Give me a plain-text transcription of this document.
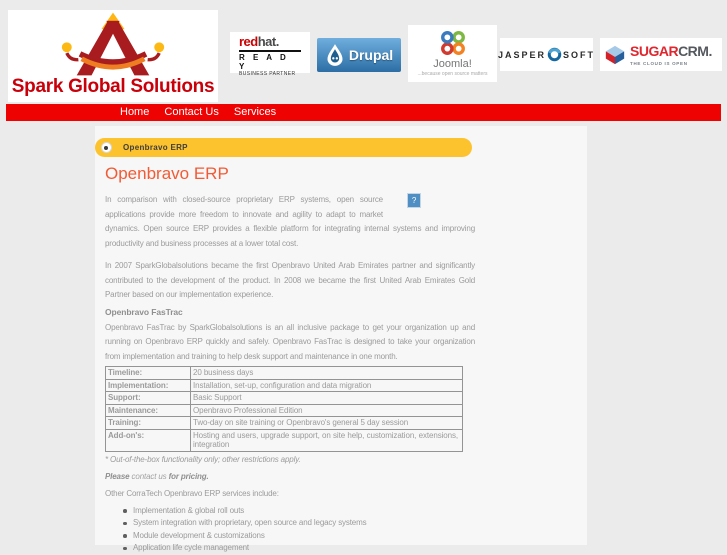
Spark Global Solutions
redhat.
R E A D Y
BUSINESS PARTNER
Drupal
Joomla!
...because open source matters
JASPER SOFT SUGARCRM.
THE CLOUD IS OPEN
Home Contact Us Services
Openbravo ERP
Openbravo ERP

?
In comparison with closed-source proprietary ERP systems, open source applications provide more freedom to innovate and agility to adapt to market dynamics. Open source ERP provides a flexible platform for integrating internal systems and improving productivity and business processes at a lower total cost.

In 2007 SparkGlobalsolutions became the first Openbravo United Arab Emirates partner and significantly contributed to the development of the product. In 2008 we became the first United Arab Emirates Gold Partner based on our implementation experience.

Openbravo FasTrac

Openbravo FasTrac by SparkGlobalsolutions is an all inclusive package to get your organization up and running on Openbravo ERP quickly and safely. Openbravo FasTrac is designed to take your organization from implementation and training to help desk support and maintenance in one month.

Timeline:	20 business days
Implementation:	Installation, set-up, configuration and data migration
Support:	Basic Support
Maintenance:	Openbravo Professional Edition
Training:	Two-day on site training or Openbravo's general 5 day session
Add-on's:	Hosting and users, upgrade support, on site help, customization, extensions, integration

* Out-of-the-box functionality only; other restrictions apply.

Please contact us for pricing.

Other CorraTech Openbravo ERP services include:

Implementation & global roll outs
System integration with proprietary, open source and legacy systems
Module development & customizations
Application life cycle management
